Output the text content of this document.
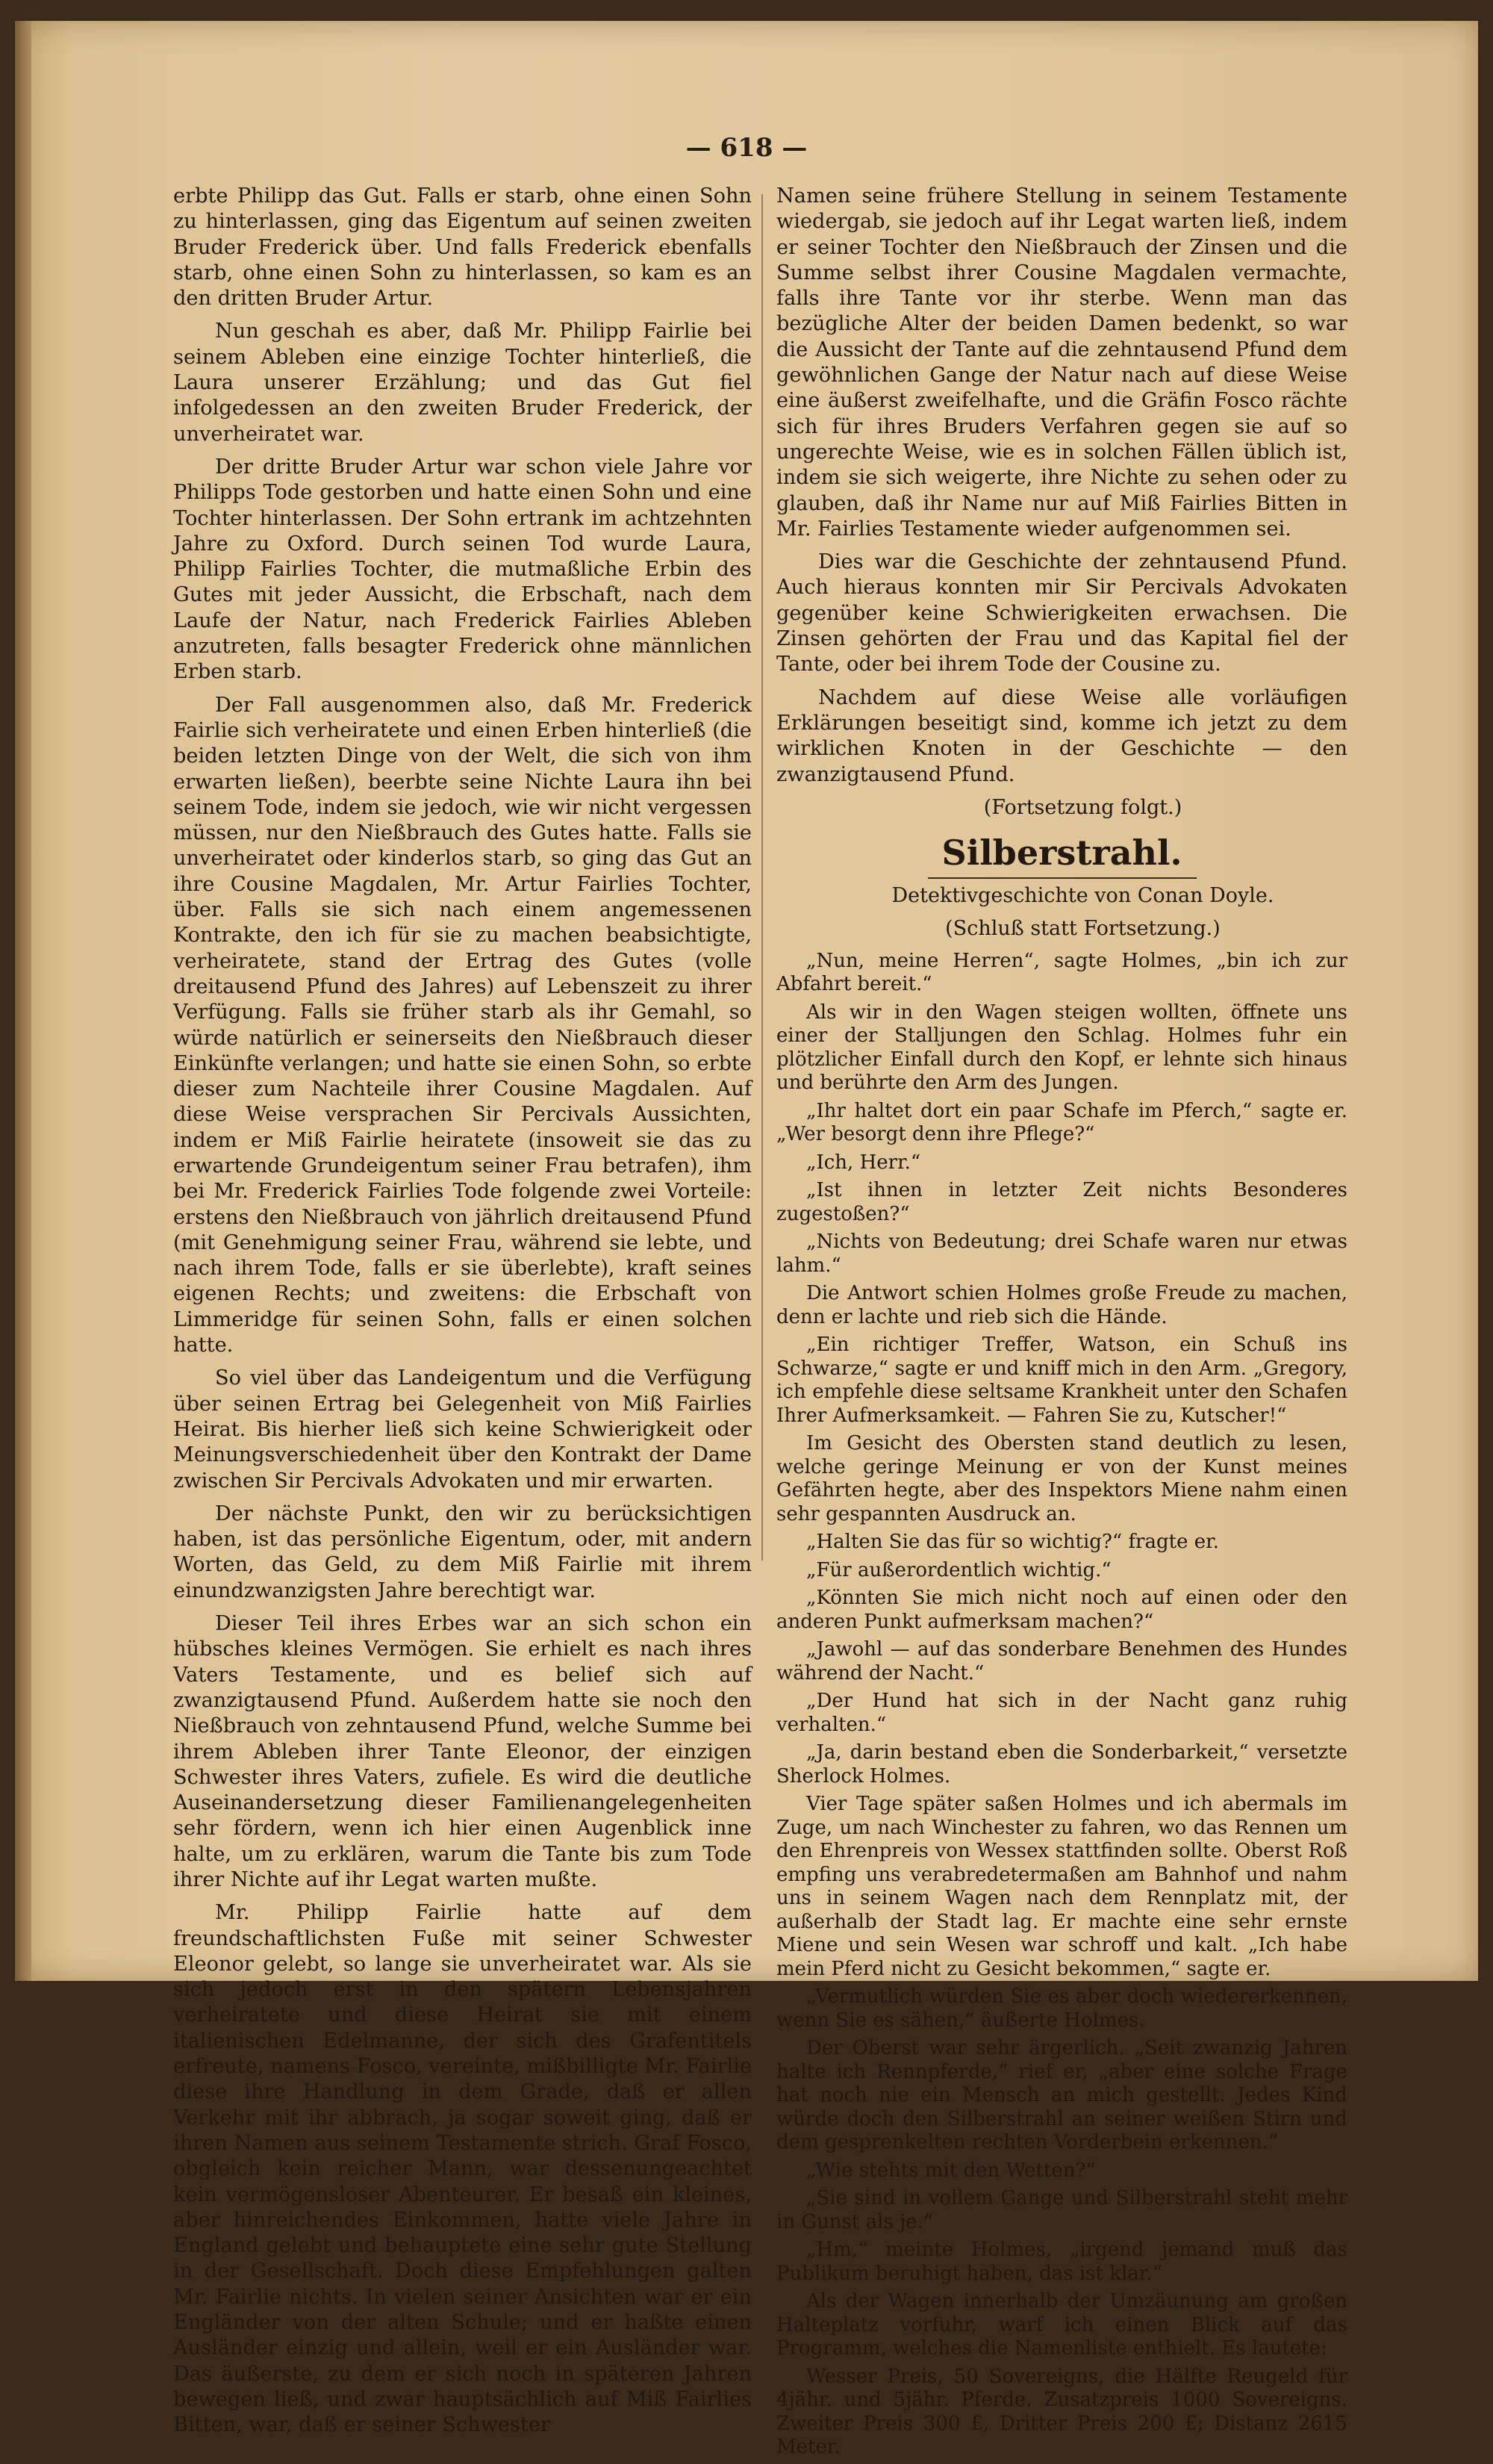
— 618 —

erbte Philipp das Gut. Falls er starb, ohne einen Sohn zu hinterlassen, ging das Eigentum auf seinen zweiten Bruder Frederick über. Und falls Frederick ebenfalls starb, ohne einen Sohn zu hinterlassen, so kam es an den dritten Bruder Artur.

Nun geschah es aber, daß Mr. Philipp Fairlie bei seinem Ableben eine einzige Tochter hinterließ, die Laura unserer Erzählung; und das Gut fiel infolgedessen an den zweiten Bruder Frederick, der unverheiratet war.

Der dritte Bruder Artur war schon viele Jahre vor Philipps Tode gestorben und hatte einen Sohn und eine Tochter hinterlassen. Der Sohn ertrank im achtzehnten Jahre zu Oxford. Durch seinen Tod wurde Laura, Philipp Fairlies Tochter, die mutmaßliche Erbin des Gutes mit jeder Aussicht, die Erbschaft, nach dem Laufe der Natur, nach Frederick Fairlies Ableben anzutreten, falls besagter Frederick ohne männlichen Erben starb.

Der Fall ausgenommen also, daß Mr. Frederick Fairlie sich verheiratete und einen Erben hinterließ (die beiden letzten Dinge von der Welt, die sich von ihm erwarten ließen), beerbte seine Nichte Laura ihn bei seinem Tode, indem sie jedoch, wie wir nicht vergessen müssen, nur den Nießbrauch des Gutes hatte. Falls sie unverheiratet oder kinderlos starb, so ging das Gut an ihre Cousine Magdalen, Mr. Artur Fairlies Tochter, über. Falls sie sich nach einem angemessenen Kontrakte, den ich für sie zu machen beabsichtigte, verheiratete, stand der Ertrag des Gutes (volle dreitausend Pfund des Jahres) auf Lebenszeit zu ihrer Verfügung. Falls sie früher starb als ihr Gemahl, so würde natürlich er seinerseits den Nießbrauch dieser Einkünfte verlangen; und hatte sie einen Sohn, so erbte dieser zum Nachteile ihrer Cousine Magdalen. Auf diese Weise versprachen Sir Percivals Aussichten, indem er Miß Fairlie heiratete (insoweit sie das zu erwartende Grundeigentum seiner Frau betrafen), ihm bei Mr. Frederick Fairlies Tode folgende zwei Vorteile: erstens den Nießbrauch von jährlich dreitausend Pfund (mit Genehmigung seiner Frau, während sie lebte, und nach ihrem Tode, falls er sie überlebte), kraft seines eigenen Rechts; und zweitens: die Erbschaft von Limmeridge für seinen Sohn, falls er einen solchen hatte.

So viel über das Landeigentum und die Verfügung über seinen Ertrag bei Gelegenheit von Miß Fairlies Heirat. Bis hierher ließ sich keine Schwierigkeit oder Meinungsverschiedenheit über den Kontrakt der Dame zwischen Sir Percivals Advokaten und mir erwarten.

Der nächste Punkt, den wir zu berücksichtigen haben, ist das persönliche Eigentum, oder, mit andern Worten, das Geld, zu dem Miß Fairlie mit ihrem einundzwanzigsten Jahre berechtigt war.

Dieser Teil ihres Erbes war an sich schon ein hübsches kleines Vermögen. Sie erhielt es nach ihres Vaters Testamente, und es belief sich auf zwanzigtausend Pfund. Außerdem hatte sie noch den Nießbrauch von zehntausend Pfund, welche Summe bei ihrem Ableben ihrer Tante Eleonor, der einzigen Schwester ihres Vaters, zufiele. Es wird die deutliche Auseinandersetzung dieser Familienangelegenheiten sehr fördern, wenn ich hier einen Augenblick inne halte, um zu erklären, warum die Tante bis zum Tode ihrer Nichte auf ihr Legat warten mußte.

Mr. Philipp Fairlie hatte auf dem freundschaftlichsten Fuße mit seiner Schwester Eleonor gelebt, so lange sie unverheiratet war. Als sie sich jedoch erst in den spätern Lebensjahren verheiratete und diese Heirat sie mit einem italienischen Edelmanne, der sich des Grafentitels erfreute, namens Fosco, vereinte, mißbilligte Mr. Fairlie diese ihre Handlung in dem Grade, daß er allen Verkehr mit ihr abbrach, ja sogar soweit ging, daß er ihren Namen aus seinem Testamente strich. Graf Fosco, obgleich kein reicher Mann, war dessenungeachtet kein vermögensloser Abenteurer. Er besaß ein kleines, aber hinreichendes Einkommen, hatte viele Jahre in England gelebt und behauptete eine sehr gute Stellung in der Gesellschaft. Doch diese Empfehlungen galten Mr. Fairlie nichts. In vielen seiner Ansichten war er ein Engländer von der alten Schule; und er haßte einen Ausländer einzig und allein, weil er ein Ausländer war. Das äußerste, zu dem er sich noch in späteren Jahren bewegen ließ, und zwar hauptsächlich auf Miß Fairlies Bitten, war, daß er seiner Schwester

Namen seine frühere Stellung in seinem Testamente wiedergab, sie jedoch auf ihr Legat warten ließ, indem er seiner Tochter den Nießbrauch der Zinsen und die Summe selbst ihrer Cousine Magdalen vermachte, falls ihre Tante vor ihr sterbe. Wenn man das bezügliche Alter der beiden Damen bedenkt, so war die Aussicht der Tante auf die zehntausend Pfund dem gewöhnlichen Gange der Natur nach auf diese Weise eine äußerst zweifelhafte, und die Gräfin Fosco rächte sich für ihres Bruders Verfahren gegen sie auf so ungerechte Weise, wie es in solchen Fällen üblich ist, indem sie sich weigerte, ihre Nichte zu sehen oder zu glauben, daß ihr Name nur auf Miß Fairlies Bitten in Mr. Fairlies Testamente wieder aufgenommen sei.

Dies war die Geschichte der zehntausend Pfund. Auch hieraus konnten mir Sir Percivals Advokaten gegenüber keine Schwierigkeiten erwachsen. Die Zinsen gehörten der Frau und das Kapital fiel der Tante, oder bei ihrem Tode der Cousine zu.

Nachdem auf diese Weise alle vorläufigen Erklärungen beseitigt sind, komme ich jetzt zu dem wirklichen Knoten in der Geschichte — den zwanzigtausend Pfund.

(Fortsetzung folgt.)

Silberstrahl.

Detektivgeschichte von Conan Doyle.

(Schluß statt Fortsetzung.)

„Nun, meine Herren“, sagte Holmes, „bin ich zur Abfahrt bereit.“

Als wir in den Wagen steigen wollten, öffnete uns einer der Stalljungen den Schlag. Holmes fuhr ein plötzlicher Einfall durch den Kopf, er lehnte sich hinaus und berührte den Arm des Jungen.

„Ihr haltet dort ein paar Schafe im Pferch,“ sagte er. „Wer besorgt denn ihre Pflege?“

„Ich, Herr.“

„Ist ihnen in letzter Zeit nichts Besonderes zugestoßen?“

„Nichts von Bedeutung; drei Schafe waren nur etwas lahm.“

Die Antwort schien Holmes große Freude zu machen, denn er lachte und rieb sich die Hände.

„Ein richtiger Treffer, Watson, ein Schuß ins Schwarze,“ sagte er und kniff mich in den Arm. „Gregory, ich empfehle diese seltsame Krankheit unter den Schafen Ihrer Aufmerksamkeit. — Fahren Sie zu, Kutscher!“

Im Gesicht des Obersten stand deutlich zu lesen, welche geringe Meinung er von der Kunst meines Gefährten hegte, aber des Inspektors Miene nahm einen sehr gespannten Ausdruck an.

„Halten Sie das für so wichtig?“ fragte er.

„Für außerordentlich wichtig.“

„Könnten Sie mich nicht noch auf einen oder den anderen Punkt aufmerksam machen?“

„Jawohl — auf das sonderbare Benehmen des Hundes während der Nacht.“

„Der Hund hat sich in der Nacht ganz ruhig verhalten.“

„Ja, darin bestand eben die Sonderbarkeit,“ versetzte Sherlock Holmes.

Vier Tage später saßen Holmes und ich abermals im Zuge, um nach Winchester zu fahren, wo das Rennen um den Ehrenpreis von Wessex stattfinden sollte. Oberst Roß empfing uns verabredetermaßen am Bahnhof und nahm uns in seinem Wagen nach dem Rennplatz mit, der außerhalb der Stadt lag. Er machte eine sehr ernste Miene und sein Wesen war schroff und kalt. „Ich habe mein Pferd nicht zu Gesicht bekommen,“ sagte er.

„Vermutlich würden Sie es aber doch wiedererkennen, wenn Sie es sähen,“ äußerte Holmes.

Der Oberst war sehr ärgerlich. „Seit zwanzig Jahren halte ich Rennpferde,“ rief er, „aber eine solche Frage hat noch nie ein Mensch an mich gestellt. Jedes Kind würde doch den Silberstrahl an seiner weißen Stirn und dem gesprenkelten rechten Vorderbein erkennen.“

„Wie stehts mit den Wetten?“

„Sie sind in vollem Gange und Silberstrahl steht mehr in Gunst als je.“

„Hm,“ meinte Holmes, „irgend jemand muß das Publikum beruhigt haben, das ist klar.“

Als der Wagen innerhalb der Umzäunung am großen Halteplatz vorfuhr, warf ich einen Blick auf das Programm, welches die Namenliste enthielt. Es lautete:

Wesser Preis, 50 Sovereigns, die Hälfte Reugeld für 4jähr. und 5jähr. Pferde. Zusatzpreis 1000 Sovereigns. Zweiter Preis 300 £, Dritter Preis 200 £; Distanz 2615 Meter.
